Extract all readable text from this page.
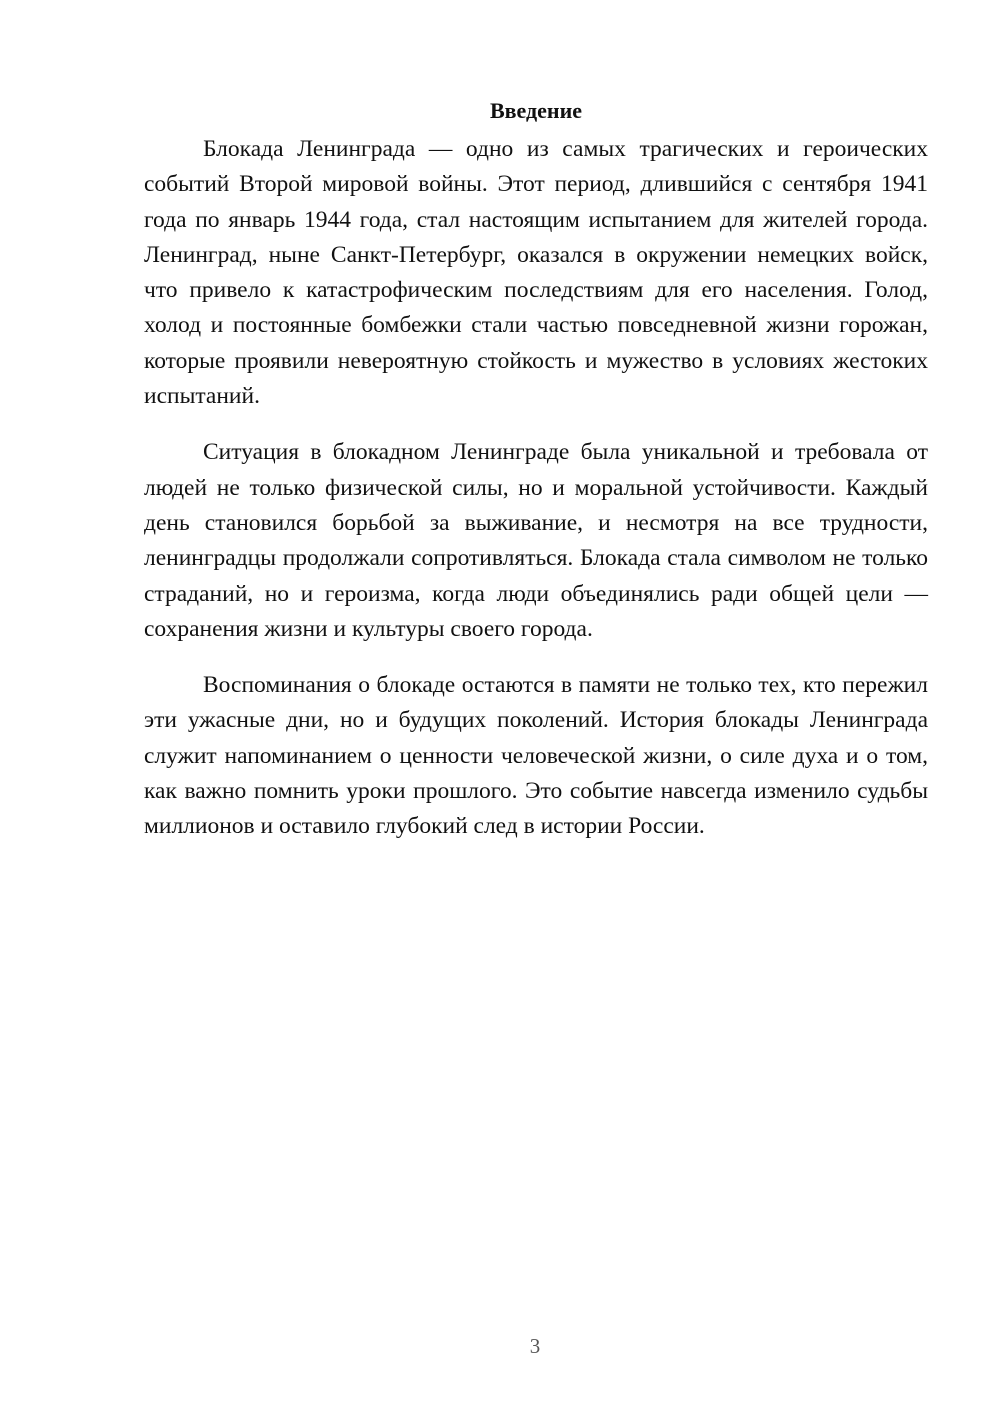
Введение

Блокада Ленинграда — одно из самых трагических и героических событий Второй мировой войны. Этот период, длившийся с сентября 1941 года по январь 1944 года, стал настоящим испытанием для жителей города. Ленинград, ныне Санкт-Петербург, оказался в окружении немецких войск, что привело к катастрофическим последствиям для его населения. Голод, холод и постоянные бомбежки стали частью повседневной жизни горожан, которые проявили невероятную стойкость и мужество в условиях жестоких испытаний.

Ситуация в блокадном Ленинграде была уникальной и требовала от людей не только физической силы, но и моральной устойчивости. Каждый день становился борьбой за выживание, и несмотря на все трудности, ленинградцы продолжали сопротивляться. Блокада стала символом не только страданий, но и героизма, когда люди объединялись ради общей цели — сохранения жизни и культуры своего города.

Воспоминания о блокаде остаются в памяти не только тех, кто пережил эти ужасные дни, но и будущих поколений. История блокады Ленинграда служит напоминанием о ценности человеческой жизни, о силе духа и о том, как важно помнить уроки прошлого. Это событие навсегда изменило судьбы миллионов и оставило глубокий след в истории России.

3
